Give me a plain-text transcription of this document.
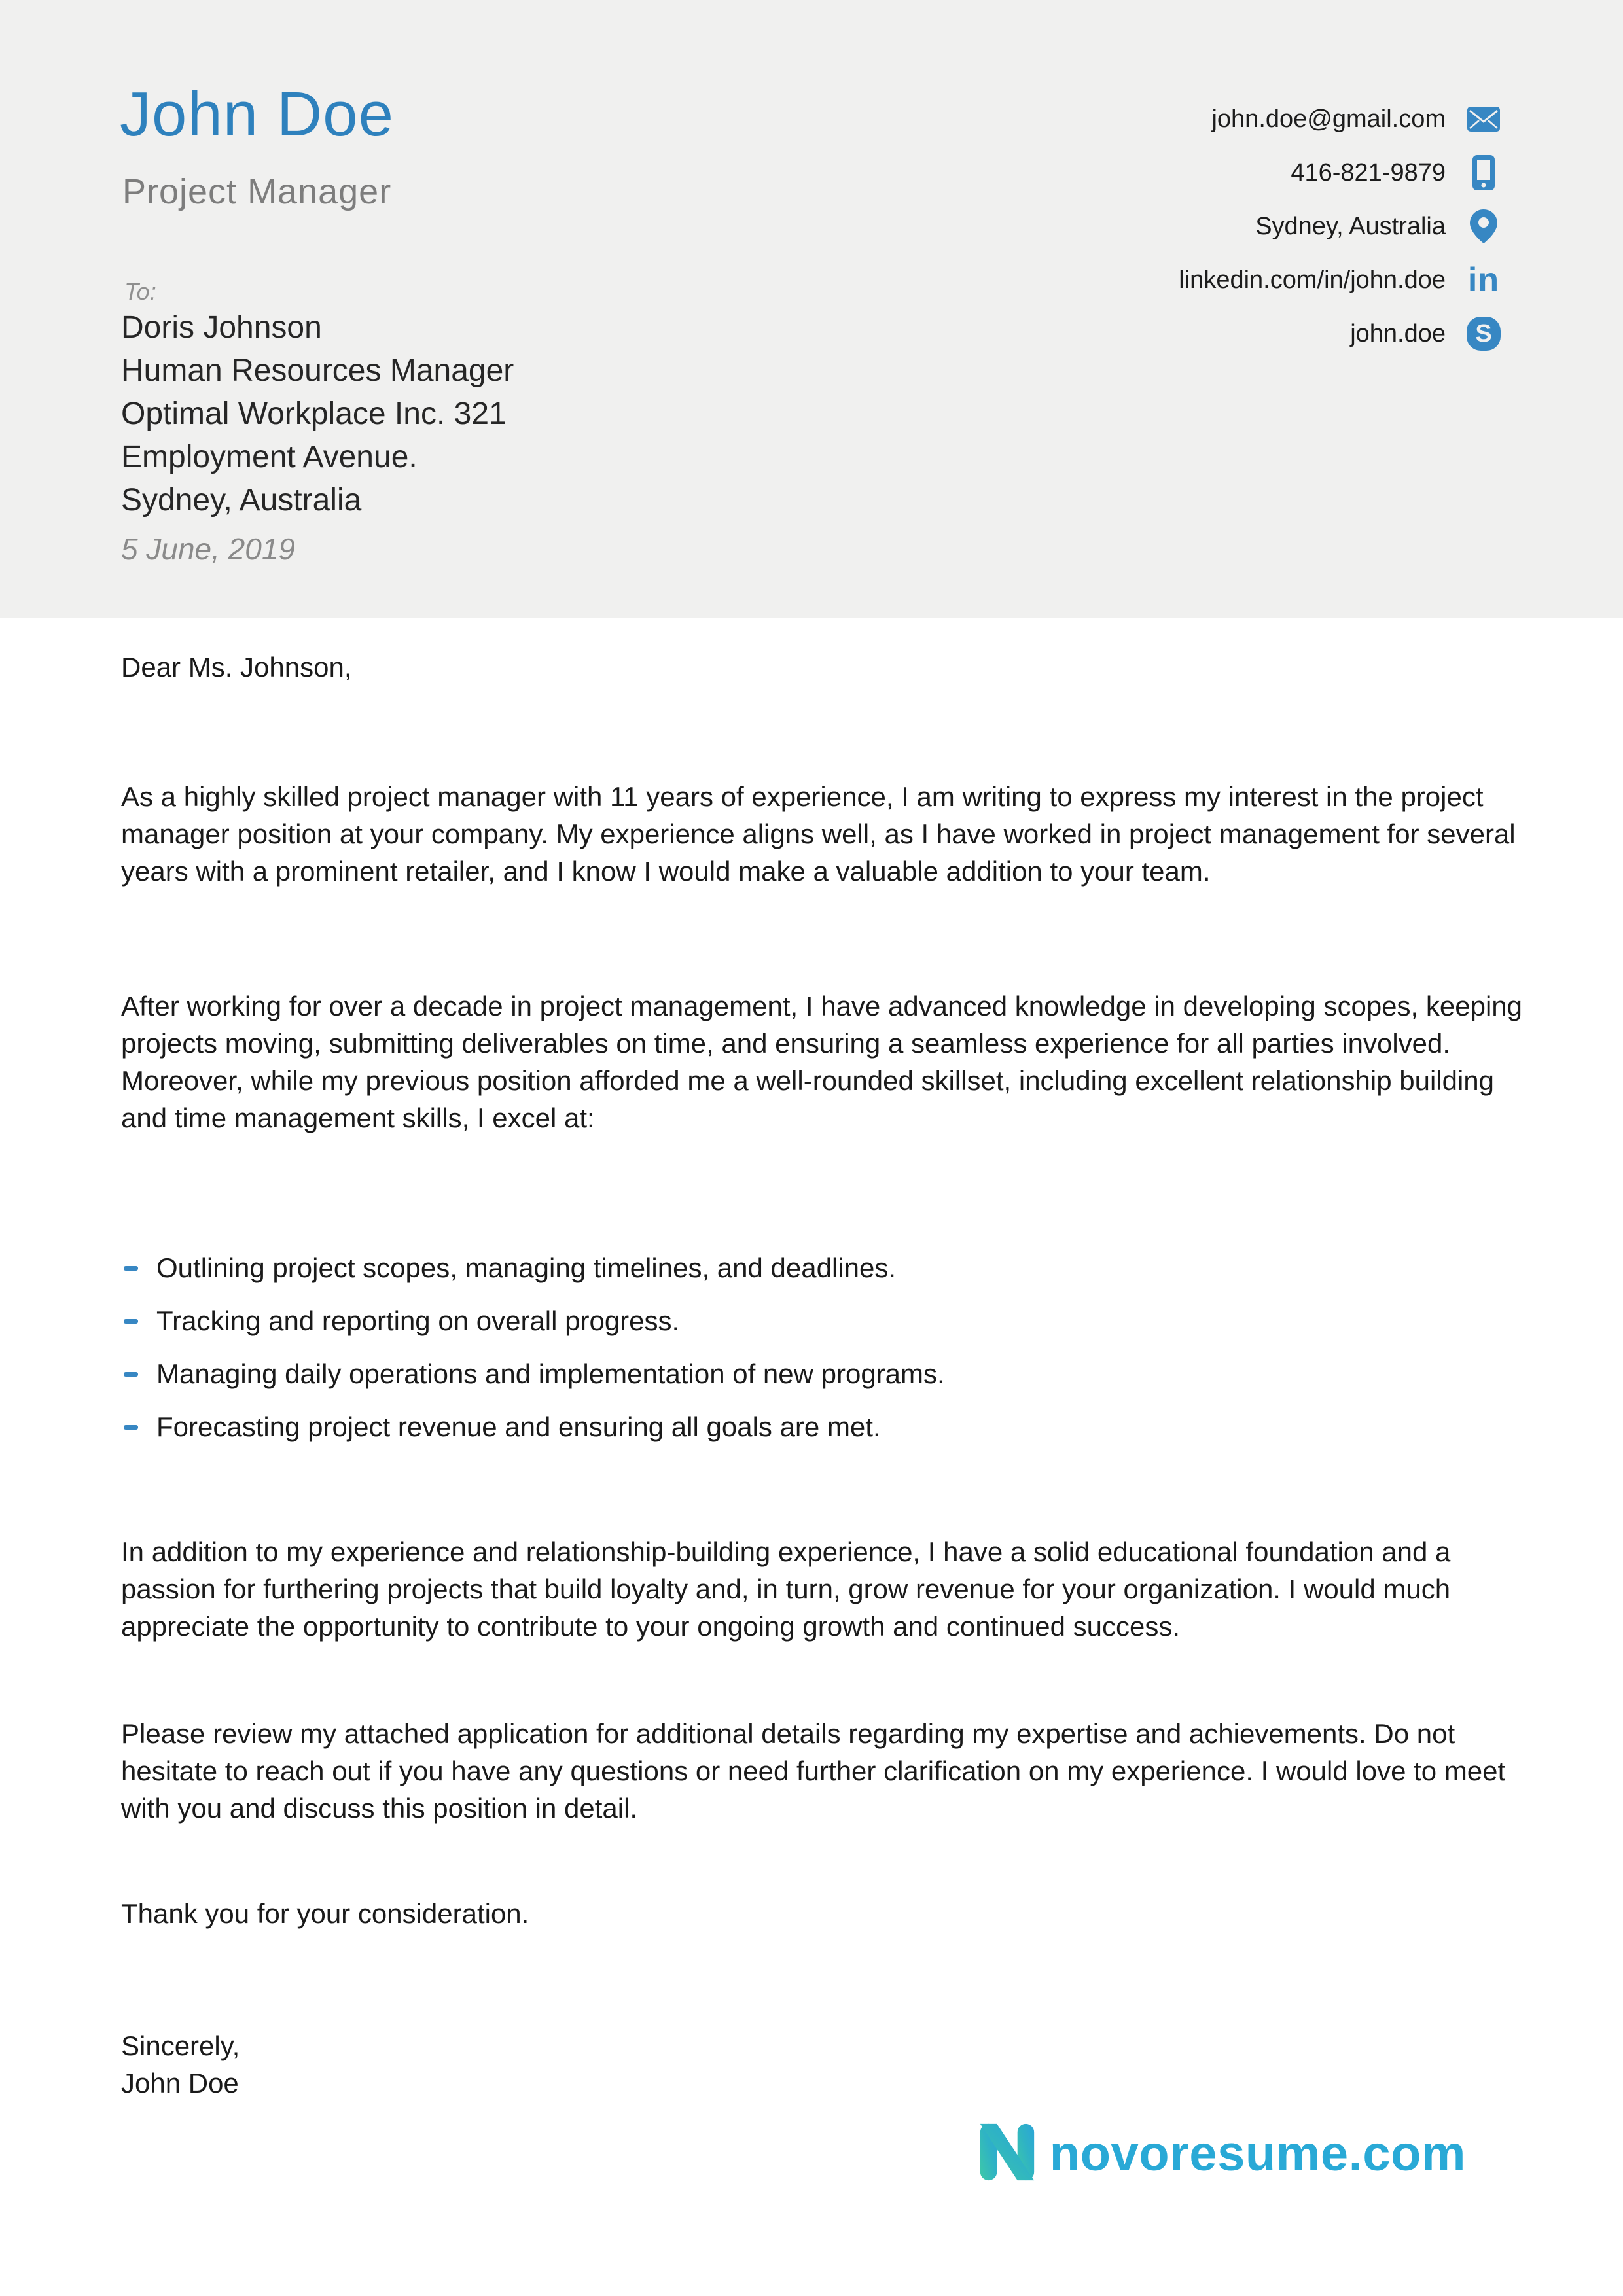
John Doe
Project Manager
john.doe@gmail.com
416-821-9879
Sydney, Australia
linkedin.com/in/john.doe in
john.doe	S
To:
Doris Johnson
Human Resources Manager
Optimal Workplace Inc. 321
Employment Avenue.
Sydney, Australia
5 June, 2019

Dear Ms. Johnson,

As a highly skilled project manager with 11 years of experience, I am writing to express my interest in the project manager position at your company. My experience aligns well, as I have worked in project management for several years with a prominent retailer, and I know I would make a valuable addition to your team.

After working for over a decade in project management, I have advanced knowledge in developing scopes, keeping projects moving, submitting deliverables on time, and ensuring a seamless experience for all parties involved. Moreover, while my previous position afforded me a well-rounded skillset, including excellent relationship building and time management skills, I excel at:

Outlining project scopes, managing timelines, and deadlines.
Tracking and reporting on overall progress.
Managing daily operations and implementation of new programs.
Forecasting project revenue and ensuring all goals are met.

In addition to my experience and relationship-building experience, I have a solid educational foundation and a passion for furthering projects that build loyalty and, in turn, grow revenue for your organization. I would much appreciate the opportunity to contribute to your ongoing growth and continued success.

Please review my attached application for additional details regarding my expertise and achievements. Do not hesitate to reach out if you have any questions or need further clarification on my experience. I would love to meet with you and discuss this position in detail.

Thank you for your consideration.

Sincerely,
John Doe
novoresume.com
